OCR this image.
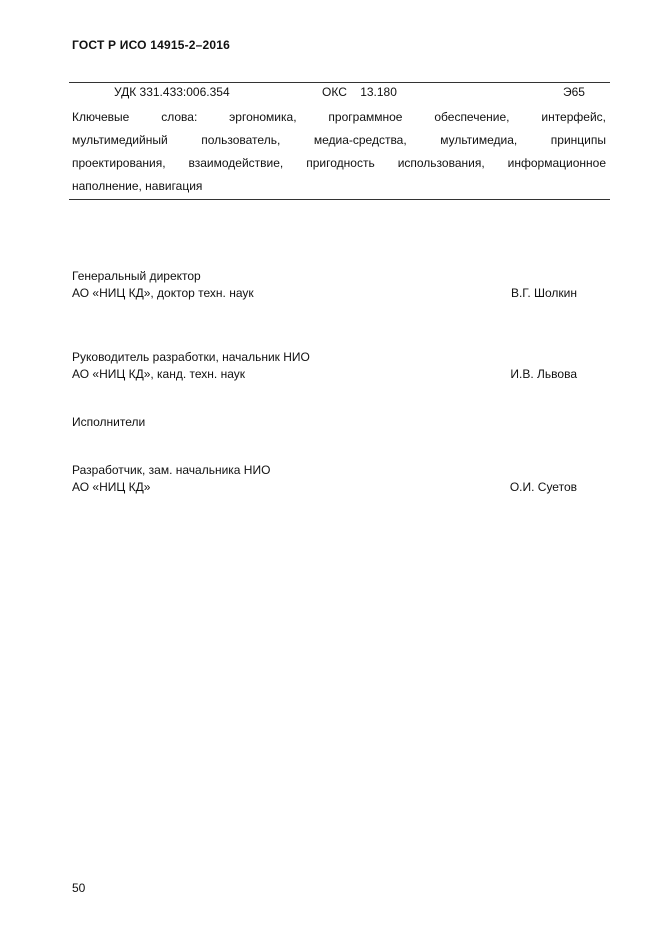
ГОСТ Р ИСО 14915-2–2016
УДК 331.433:006.354	ОКС    13.180	Э65
Ключевые слова: эргономика, программное обеспечение, интерфейс,
мультимедийный пользователь, медиа-средства, мультимедиа, принципы
проектирования, взаимодействие, пригодность использования, информационное
наполнение, навигация
Генеральный директор
АО «НИЦ КД», доктор техн. наук	В.Г. Шолкин
Руководитель разработки, начальник НИО
АО «НИЦ КД», канд. техн. наук	И.В. Львова
Исполнители
Разработчик, зам. начальника НИО
АО «НИЦ КД»	О.И. Суетов
50
